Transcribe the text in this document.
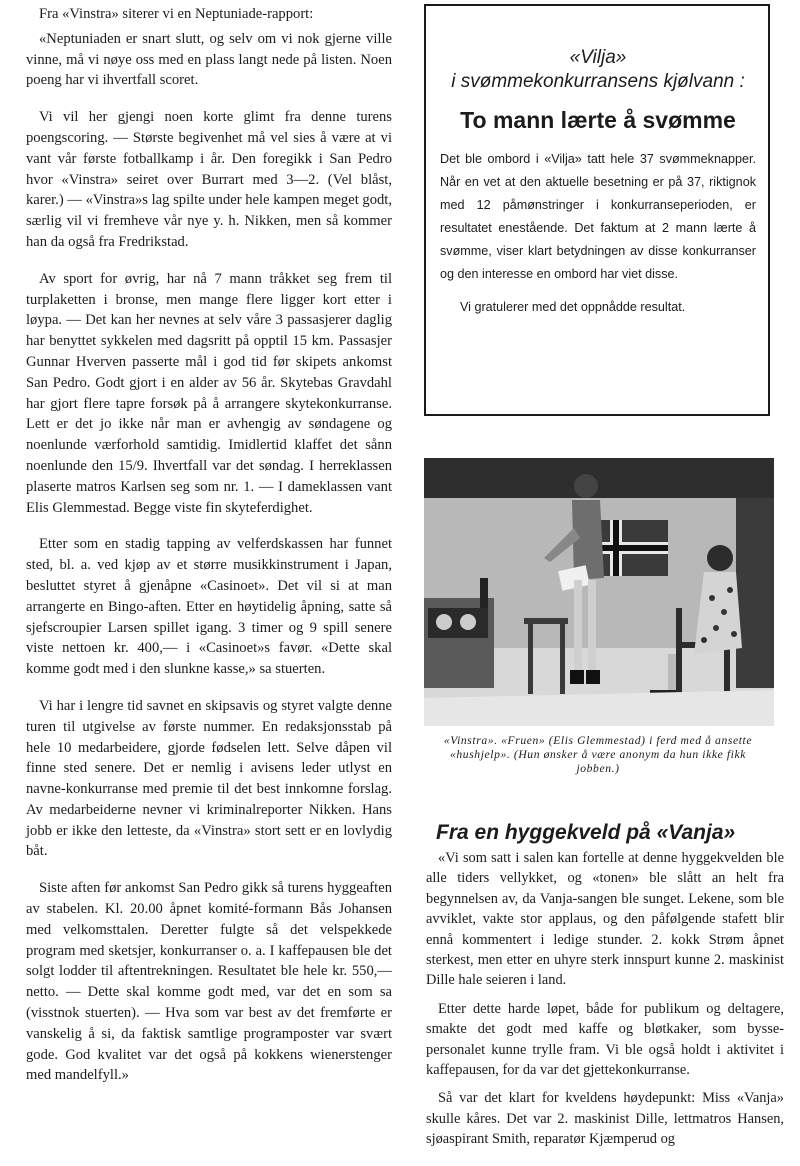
Fra «Vinstra» siterer vi en Neptuniade-rapport:

«Neptuniaden er snart slutt, og selv om vi nok gjerne ville vinne, må vi nøye oss med en plass langt nede på listen. Noen poeng har vi ihvertfall scoret.

Vi vil her gjengi noen korte glimt fra denne turens poengscoring. — Største begivenhet må vel sies å være at vi vant vår første fotballkamp i år. Den foregikk i San Pedro hvor «Vinstra» seiret over Burrart med 3—2. (Vel blåst, karer.) — «Vinstra»s lag spilte under hele kampen meget godt, særlig vil vi fremheve vår nye y. h. Nikken, men så kommer han da også fra Fredrikstad.

Av sport for øvrig, har nå 7 mann tråkket seg frem til turplaketten i bronse, men mange flere ligger kort etter i løypa. — Det kan her nevnes at selv våre 3 passasjerer daglig har benyttet sykkelen med dagsritt på opptil 15 km. Passasjer Gunnar Hverven passerte mål i god tid før skipets ankomst San Pedro. Godt gjort i en alder av 56 år. Skytebas Gravdahl har gjort flere tapre forsøk på å arrangere skytekonkurranse. Lett er det jo ikke når man er avhengig av søndagene og noenlunde værforhold samtidig. Imidlertid klaffet det sånn noenlunde den 15/9. Ihvertfall var det søndag. I herreklassen plaserte matros Karlsen seg som nr. 1. — I dameklassen vant Elis Glemmestad. Begge viste fin skyteferdighet.

Etter som en stadig tapping av velferdskassen har funnet sted, bl. a. ved kjøp av et større musikkinstrument i Japan, besluttet styret å gjenåpne «Casinoet». Det vil si at man arrangerte en Bingo-aften. Etter en høytidelig åpning, satte så sjefscroupier Larsen spillet igang. 3 timer og 9 spill senere viste nettoen kr. 400,— i «Casinoet»s favør. «Dette skal komme godt med i den slunkne kasse,» sa stuerten.

Vi har i lengre tid savnet en skipsavis og styret valgte denne turen til utgivelse av første nummer. En redaksjonsstab på hele 10 medarbeidere, gjorde fødselen lett. Selve dåpen vil finne sted senere. Det er nemlig i avisens leder utlyst en navne-konkurranse med premie til det best innkomne forslag. Av medarbeiderne nevner vi kriminalreporter Nikken. Hans jobb er ikke den letteste, da «Vinstra» stort sett er en lovlydig båt.

Siste aften før ankomst San Pedro gikk så turens hyggeaften av stabelen. Kl. 20.00 åpnet komité-formann Bås Johansen med velkomsttalen. Deretter fulgte så det velspekkede program med sketsjer, konkurranser o. a. I kaffepausen ble det solgt lodder til aftentrekningen. Resultatet ble hele kr. 550,— netto. — Dette skal komme godt med, var det en som sa (visstnok stuerten). — Hva som var best av det fremførte er vanskelig å si, da faktisk samtlige programposter var svært gode. God kvalitet var det også på kokkens wienerstenger med mandelfyll.»

«Vilja»

i svømmekonkurransens kjølvann :

To mann lærte å svømme

Det ble ombord i «Vilja» tatt hele 37 svømmeknapper. Når en vet at den aktuelle besetning er på 37, riktignok med 12 påmønstringer i konkurranseperioden, er resultatet enestående. Det faktum at 2 mann lærte å svømme, viser klart betydningen av disse konkurranser og den interesse en ombord har viet disse.

Vi gratulerer med det oppnådde resultat.

«Vinstra». «Fruen» (Elis Glemmestad) i ferd med å ansette
«hushjelp». (Hun ønsker å være anonym da hun ikke fikk
jobben.)
Fra en hyggekveld på «Vanja»

«Vi som satt i salen kan fortelle at denne hyggekvelden ble alle tiders vellykket, og «tonen» ble slått an helt fra begynnelsen av, da Vanja-sangen ble sunget. Lekene, som ble avviklet, vakte stor applaus, og den påfølgende stafett blir ennå kommentert i ledige stunder. 2. kokk Strøm åpnet sterkest, men etter en uhyre sterk innspurt kunne 2. maskinist Dille hale seieren i land.

Etter dette harde løpet, både for publikum og deltagere, smakte det godt med kaffe og bløtkaker, som bysse-personalet kunne trylle fram. Vi ble også holdt i aktivitet i kaffepausen, for da var det gjettekonkurranse.

Så var det klart for kveldens høydepunkt: Miss «Vanja» skulle kåres. Det var 2. maskinist Dille, lettmatros Hansen, sjøaspirant Smith, reparatør Kjæmperud og
